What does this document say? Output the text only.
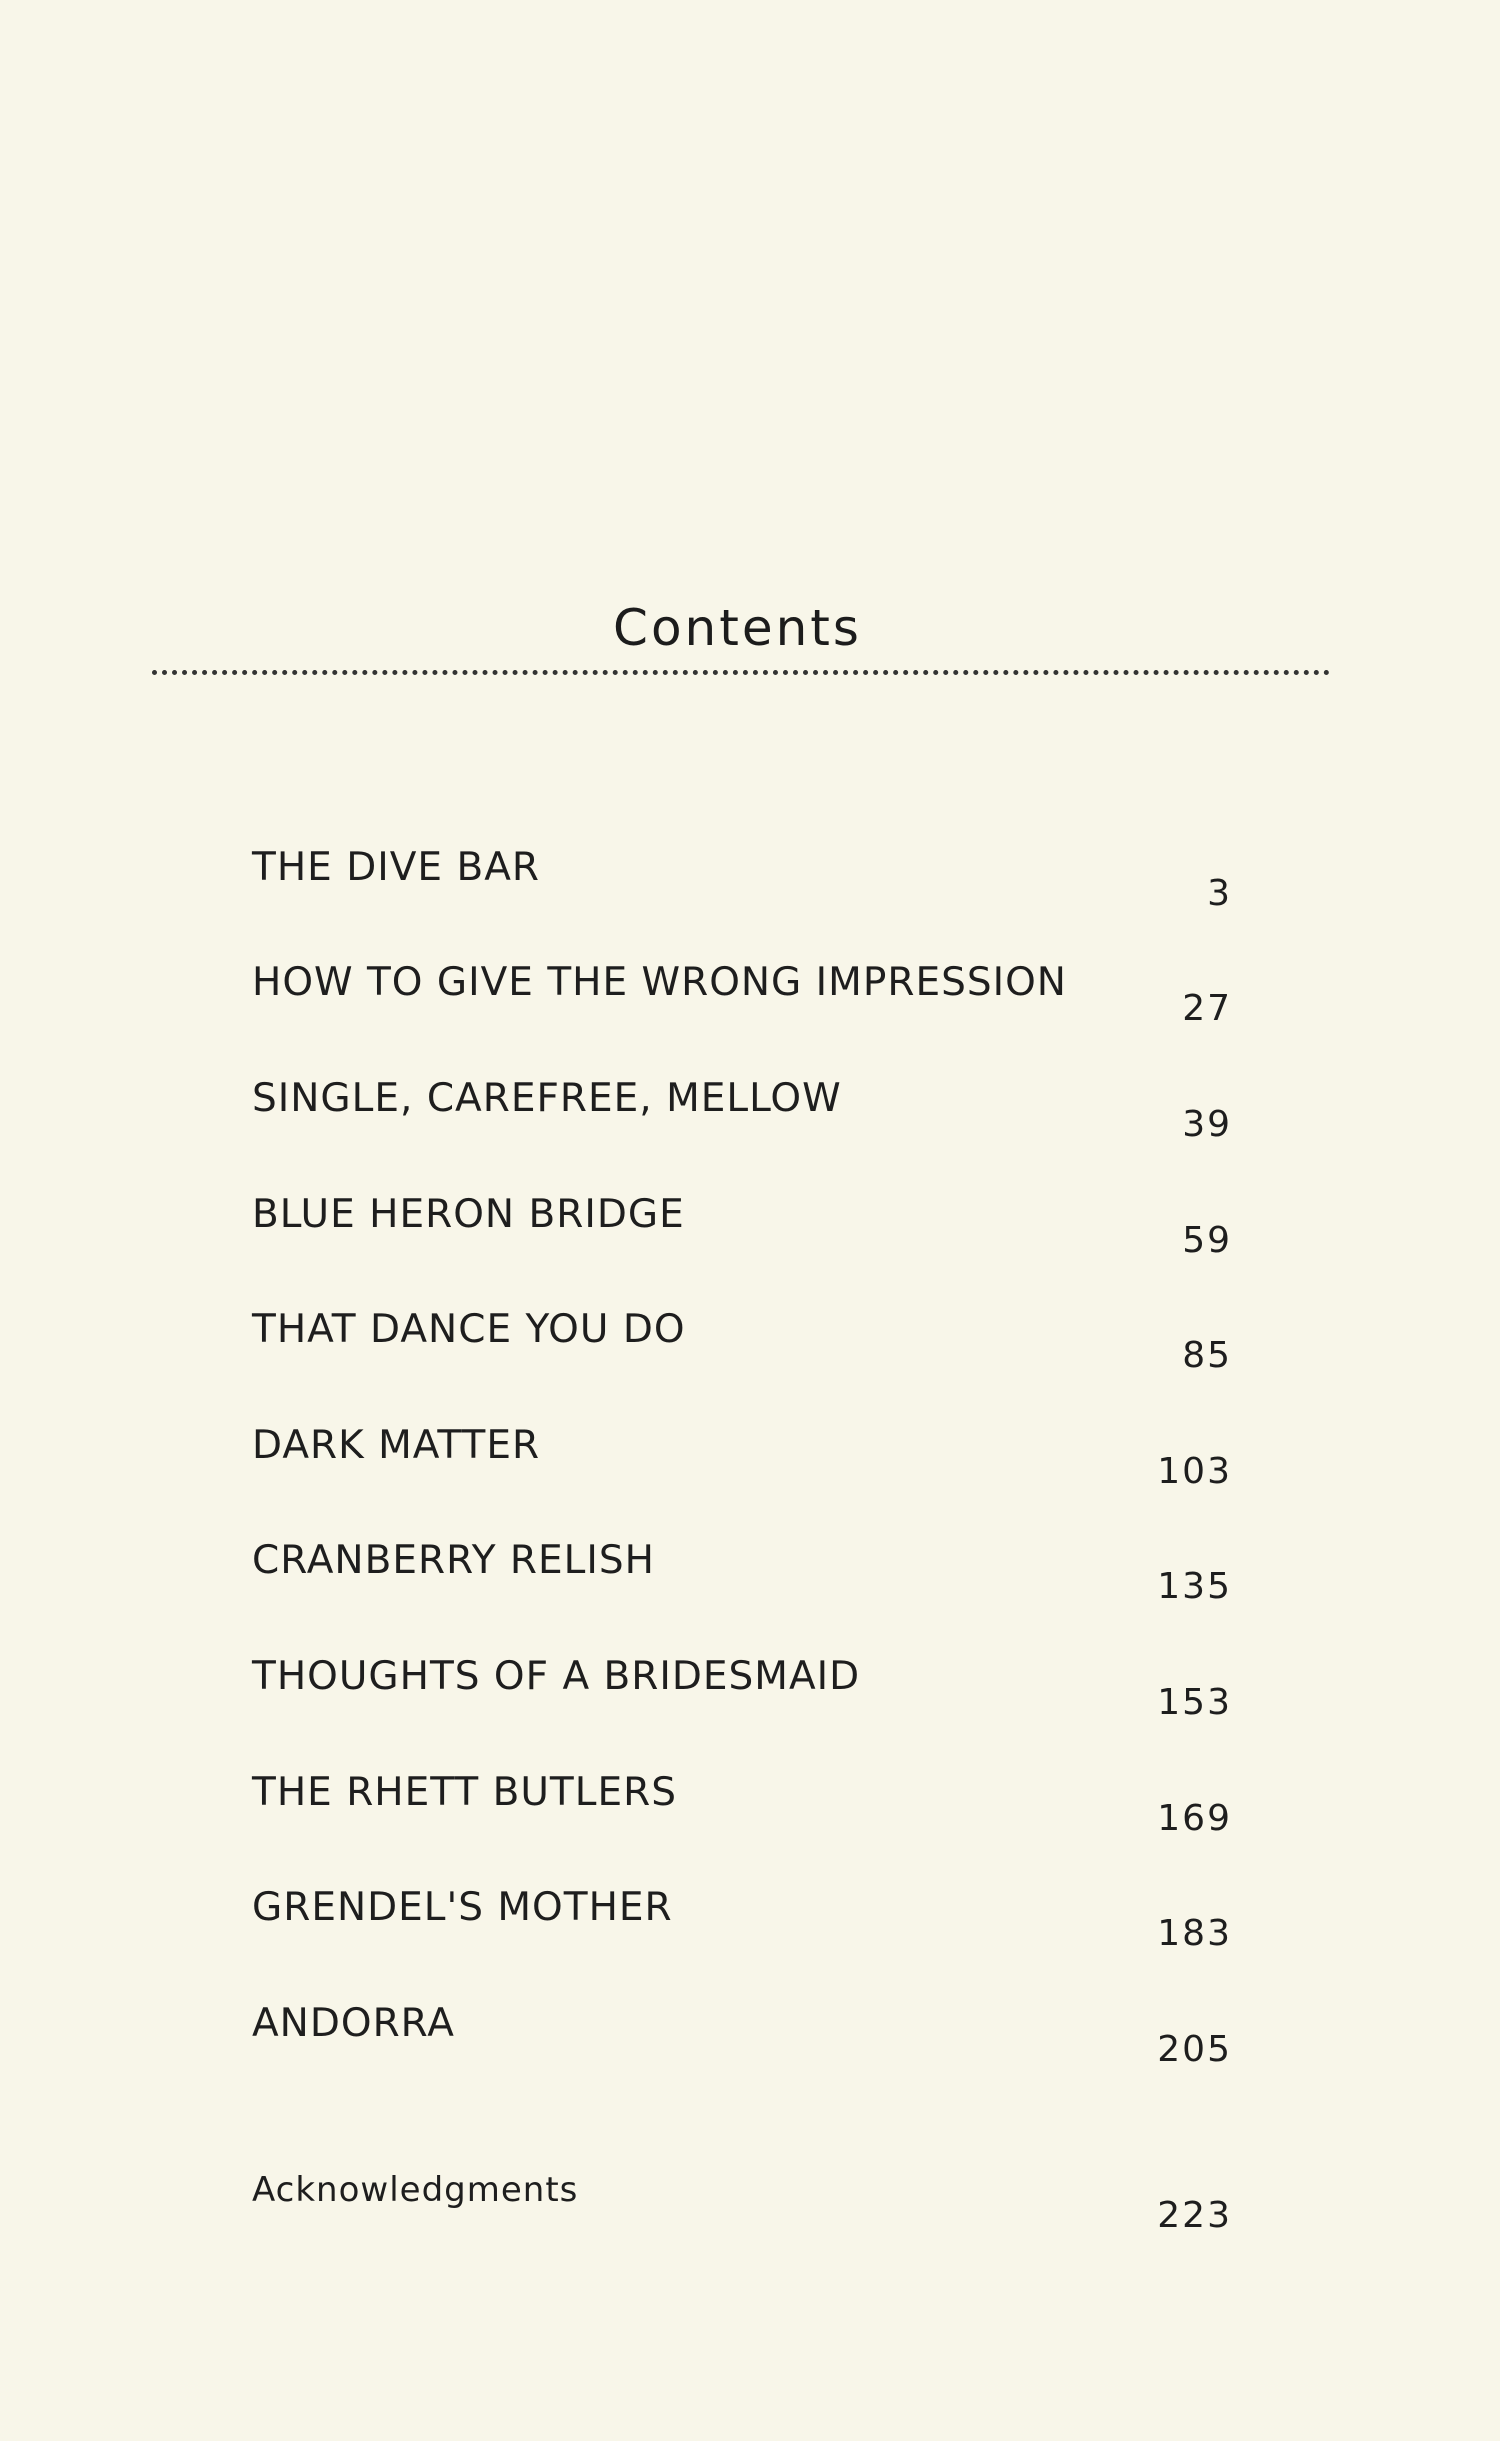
Contents
THE DIVE BAR
3
HOW TO GIVE THE WRONG IMPRESSION
27
SINGLE, CAREFREE, MELLOW
39
BLUE HERON BRIDGE
59
THAT DANCE YOU DO
85
DARK MATTER
103
CRANBERRY RELISH
135
THOUGHTS OF A BRIDESMAID
153
THE RHETT BUTLERS
169
GRENDEL'S MOTHER
183
ANDORRA
205
Acknowledgments
223
